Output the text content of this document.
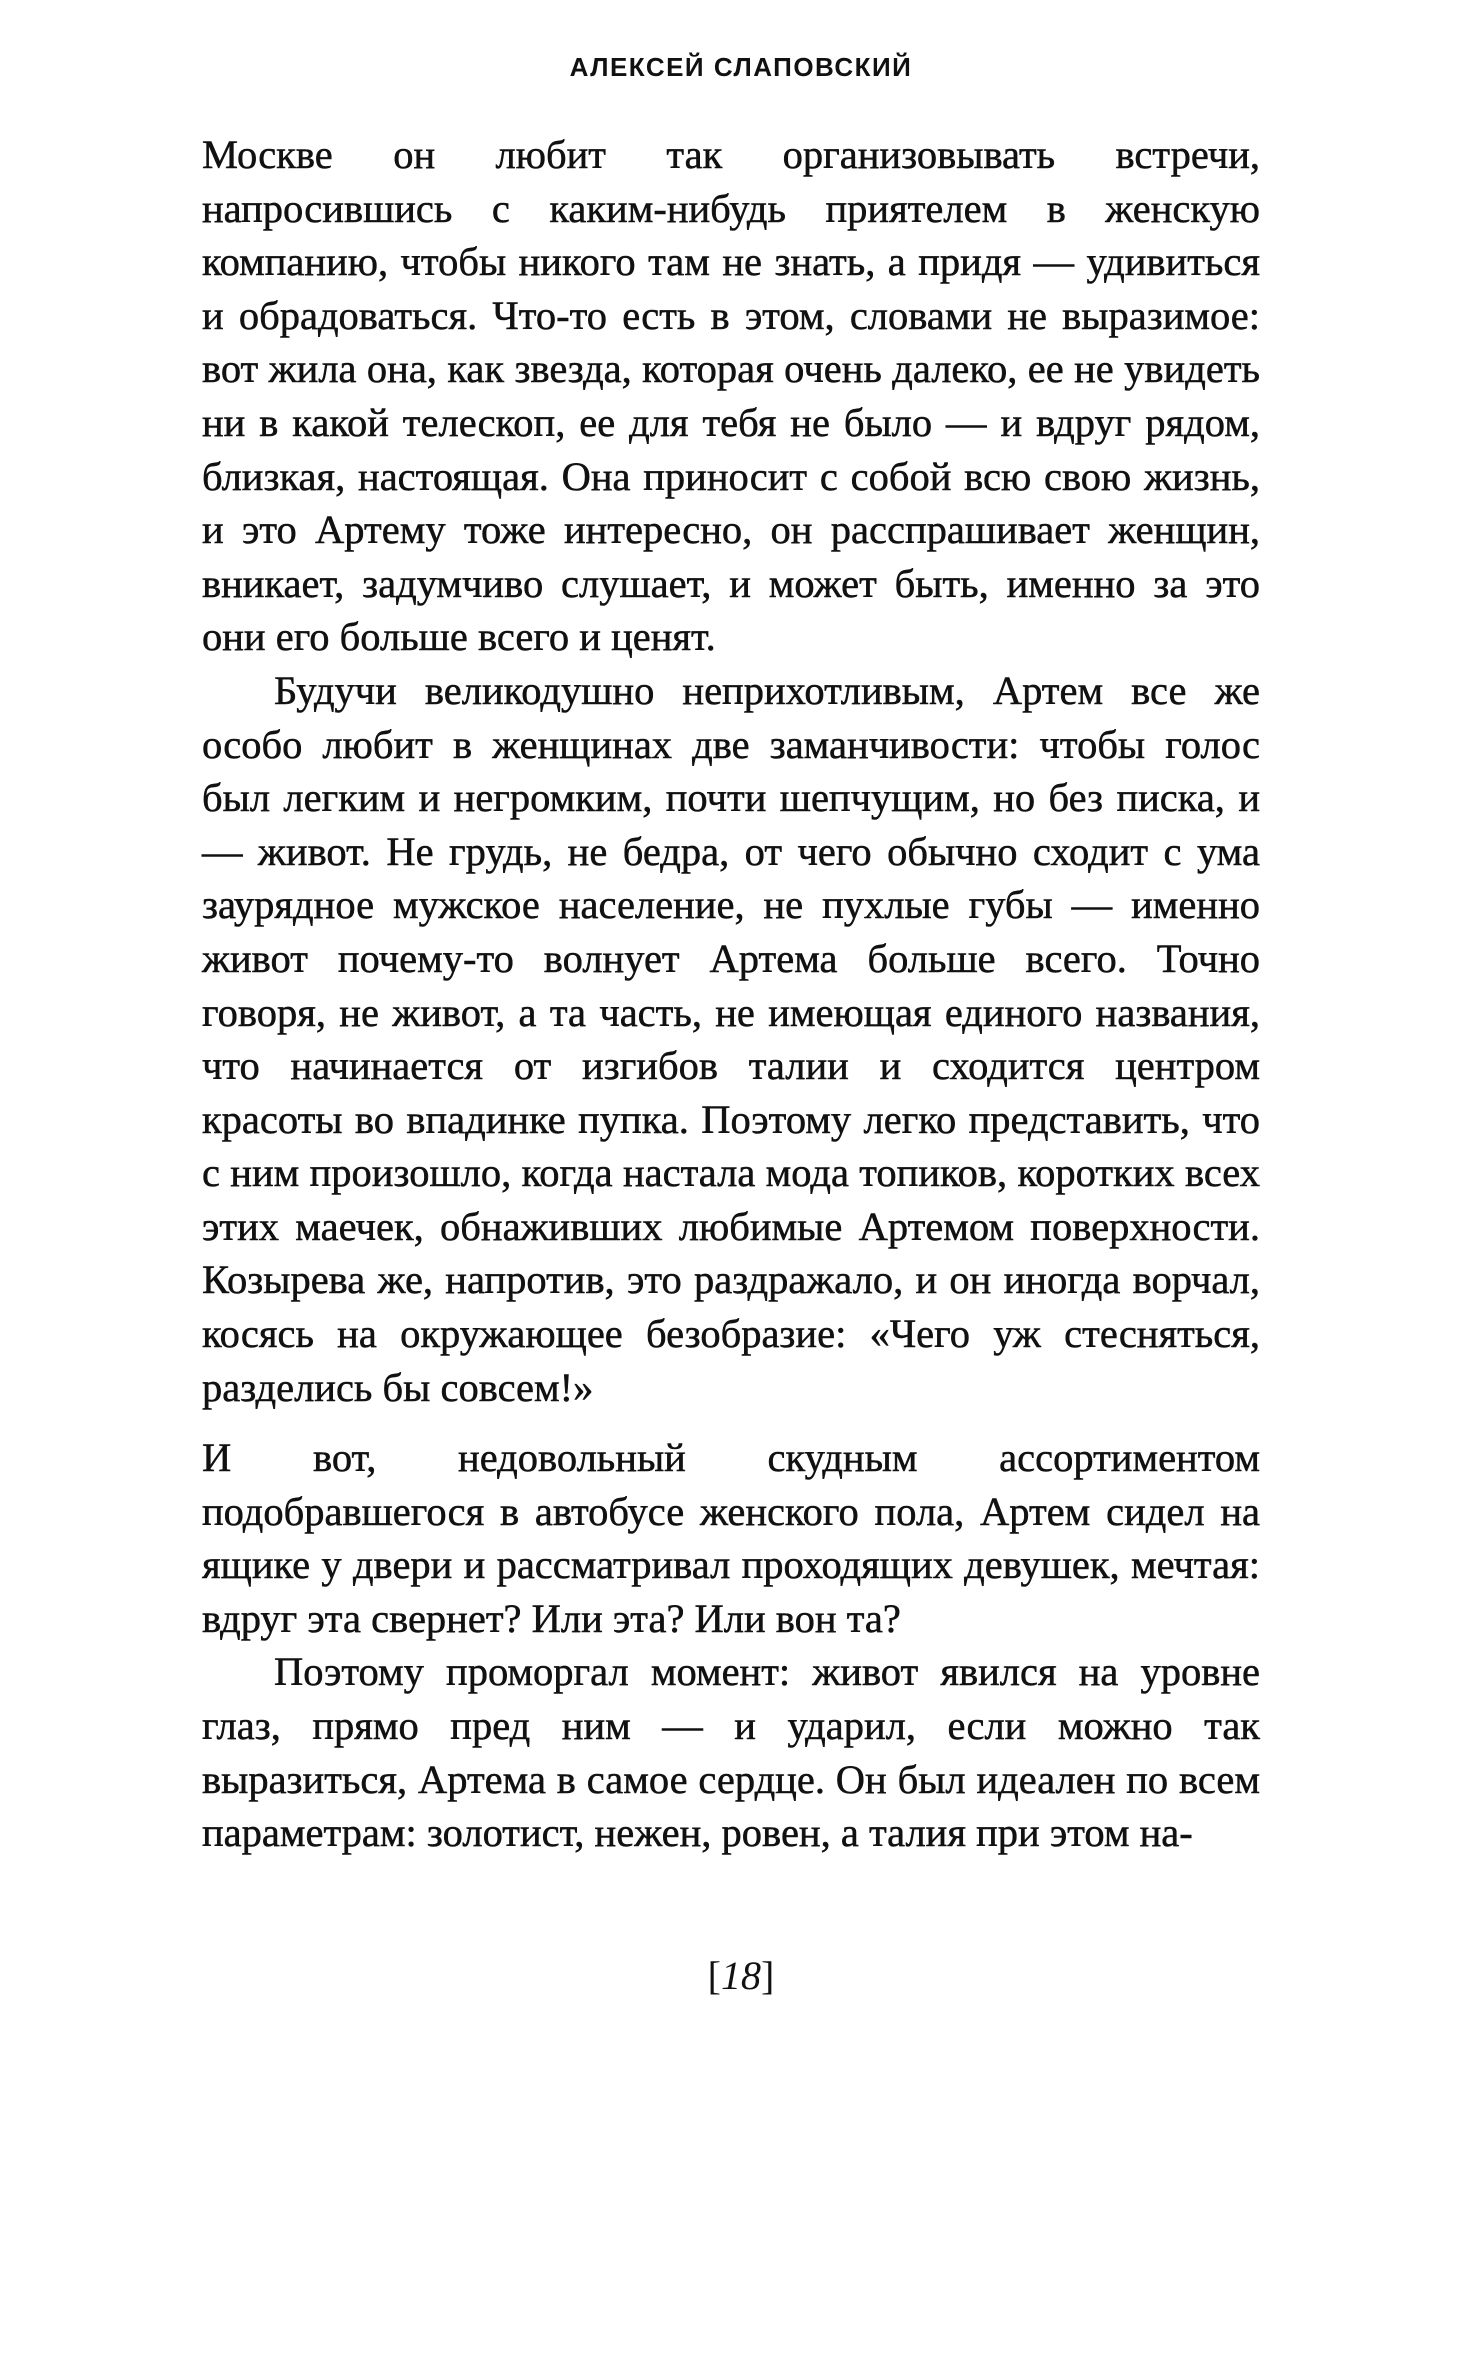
АЛЕКСЕЙ СЛАПОВСКИЙ

Москве он любит так организовывать встречи, напросившись с каким-нибудь приятелем в женскую компанию, чтобы никого там не знать, а придя — удивиться и обрадоваться. Что-то есть в этом, словами не выразимое: вот жила она, как звезда, которая очень далеко, ее не увидеть ни в какой телескоп, ее для тебя не было — и вдруг рядом, близкая, настоящая. Она приносит с собой всю свою жизнь, и это Артему тоже интересно, он расспрашивает женщин, вникает, задумчиво слушает, и может быть, именно за это они его больше всего и ценят.

Будучи великодушно неприхотливым, Артем все же особо любит в женщинах две заманчивости: чтобы голос был легким и негромким, почти шепчущим, но без писка, и — живот. Не грудь, не бедра, от чего обычно сходит с ума заурядное мужское население, не пухлые губы — именно живот почему-то волнует Артема больше всего. Точно говоря, не живот, а та часть, не имеющая единого названия, что начинается от изгибов талии и сходится центром красоты во впадинке пупка. Поэтому легко представить, что с ним произошло, когда настала мода топиков, коротких всех этих маечек, обнаживших любимые Артемом поверхности. Козырева же, напротив, это раздражало, и он иногда ворчал, косясь на окружающее безобразие: «Чего уж стесняться, разделись бы совсем!»

И вот, недовольный скудным ассортиментом подобравшегося в автобусе женского пола, Артем сидел на ящике у двери и рассматривал проходящих девушек, мечтая: вдруг эта свернет? Или эта? Или вон та?

Поэтому проморгал момент: живот явился на уровне глаз, прямо пред ним — и ударил, если можно так выразиться, Артема в самое сердце. Он был идеален по всем параметрам: золотист, нежен, ровен, а талия при этом на-

[18]
